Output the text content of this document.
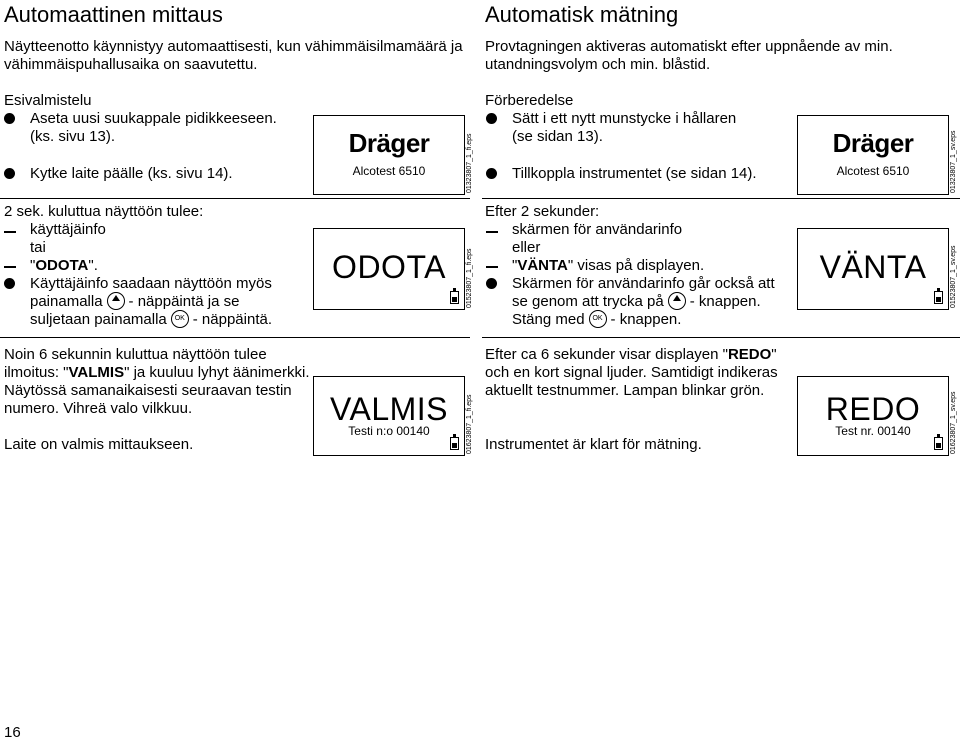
Automaattinen mittaus
Näytteenotto käynnistyy automaattisesti, kun vähimmäisilmamäärä ja
vähimmäispuhallusaika on saavutettu.
Esivalmistelu
Aseta uusi suukappale pidikkeeseen.
(ks. sivu 13).
Kytke laite päälle (ks. sivu 14).
2 sek. kuluttua näyttöön tulee:
käyttäjäinfo
tai
"ODOTA".
Käyttäjäinfo saadaan näyttöön myös
painamalla - näppäintä ja se
suljetaan painamalla OK - näppäintä.
Noin 6 sekunnin kuluttua näyttöön tulee
ilmoitus: "VALMIS" ja kuuluu lyhyt äänimerkki.
Näytössä samanaikaisesti seuraavan testin
numero. Vihreä valo vilkkuu.
Laite on valmis mittaukseen.
Dräger
Alcotest 6510	01323807_1_fi.eps
ODOTA	01523807_1_fi.eps
VALMIS
Testi n:o 00140	01623807_1_fi.eps
Automatisk mätning
Provtagningen aktiveras automatiskt efter uppnående av min.
utandningsvolym och min. blåstid.
Förberedelse
Sätt i ett nytt munstycke i hållaren
(se sidan 13).
Tillkoppla instrumentet (se sidan 14).
Efter 2 sekunder:
skärmen för användarinfo
eller
"VÄNTA" visas på displayen.
Skärmen för användarinfo går också att
se genom att trycka på - knappen.
Stäng med OK - knappen.
Efter ca 6 sekunder visar displayen "REDO"
och en kort signal ljuder. Samtidigt indikeras
aktuellt testnummer. Lampan blinkar grön.
Instrumentet är klart för mätning.
Dräger
Alcotest 6510	01323807_1_sv.eps
VÄNTA	01523807_1_sv.eps
REDO
Test nr. 00140	01623807_1_sv.eps
16
